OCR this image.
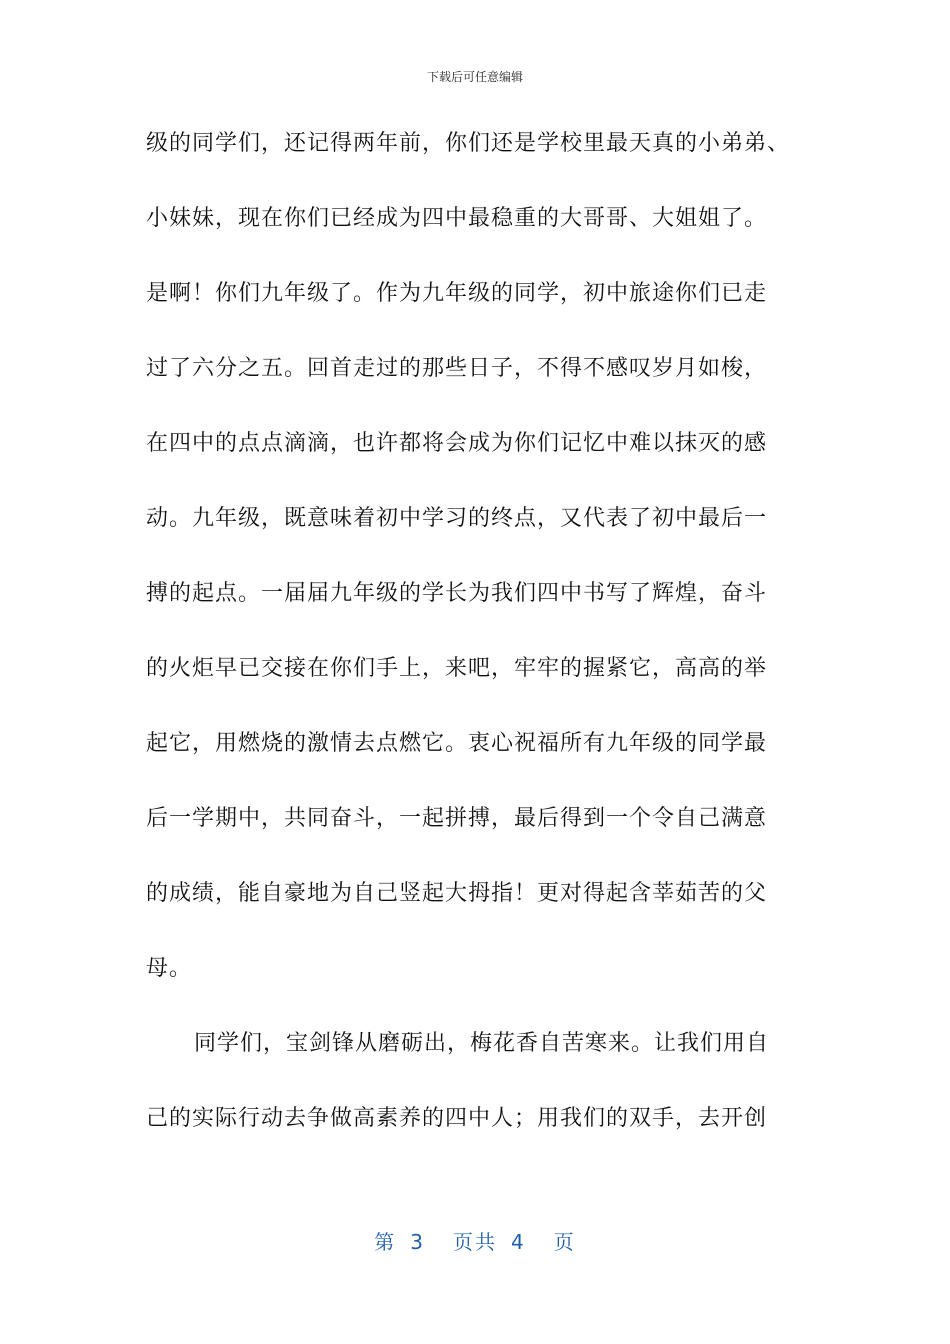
下载后可任意编辑
级的同学们，还记得两年前，你们还是学校里最天真的小弟弟、
小妹妹，现在你们已经成为四中最稳重的大哥哥、大姐姐了。
是啊！你们九年级了。作为九年级的同学，初中旅途你们已走
过了六分之五。回首走过的那些日子，不得不感叹岁月如梭，
在四中的点点滴滴，也许都将会成为你们记忆中难以抹灭的感
动。九年级，既意味着初中学习的终点，又代表了初中最后一
搏的起点。一届届九年级的学长为我们四中书写了辉煌，奋斗
的火炬早已交接在你们手上，来吧，牢牢的握紧它，高高的举
起它，用燃烧的激情去点燃它。衷心祝福所有九年级的同学最
后一学期中，共同奋斗，一起拼搏，最后得到一个令自己满意
的成绩，能自豪地为自己竖起大拇指！更对得起含莘茹苦的父
母。
同学们，宝剑锋从磨砺出，梅花香自苦寒来。让我们用自
己的实际行动去争做高素养的四中人；用我们的双手，去开创
第 3 页共 4 页
